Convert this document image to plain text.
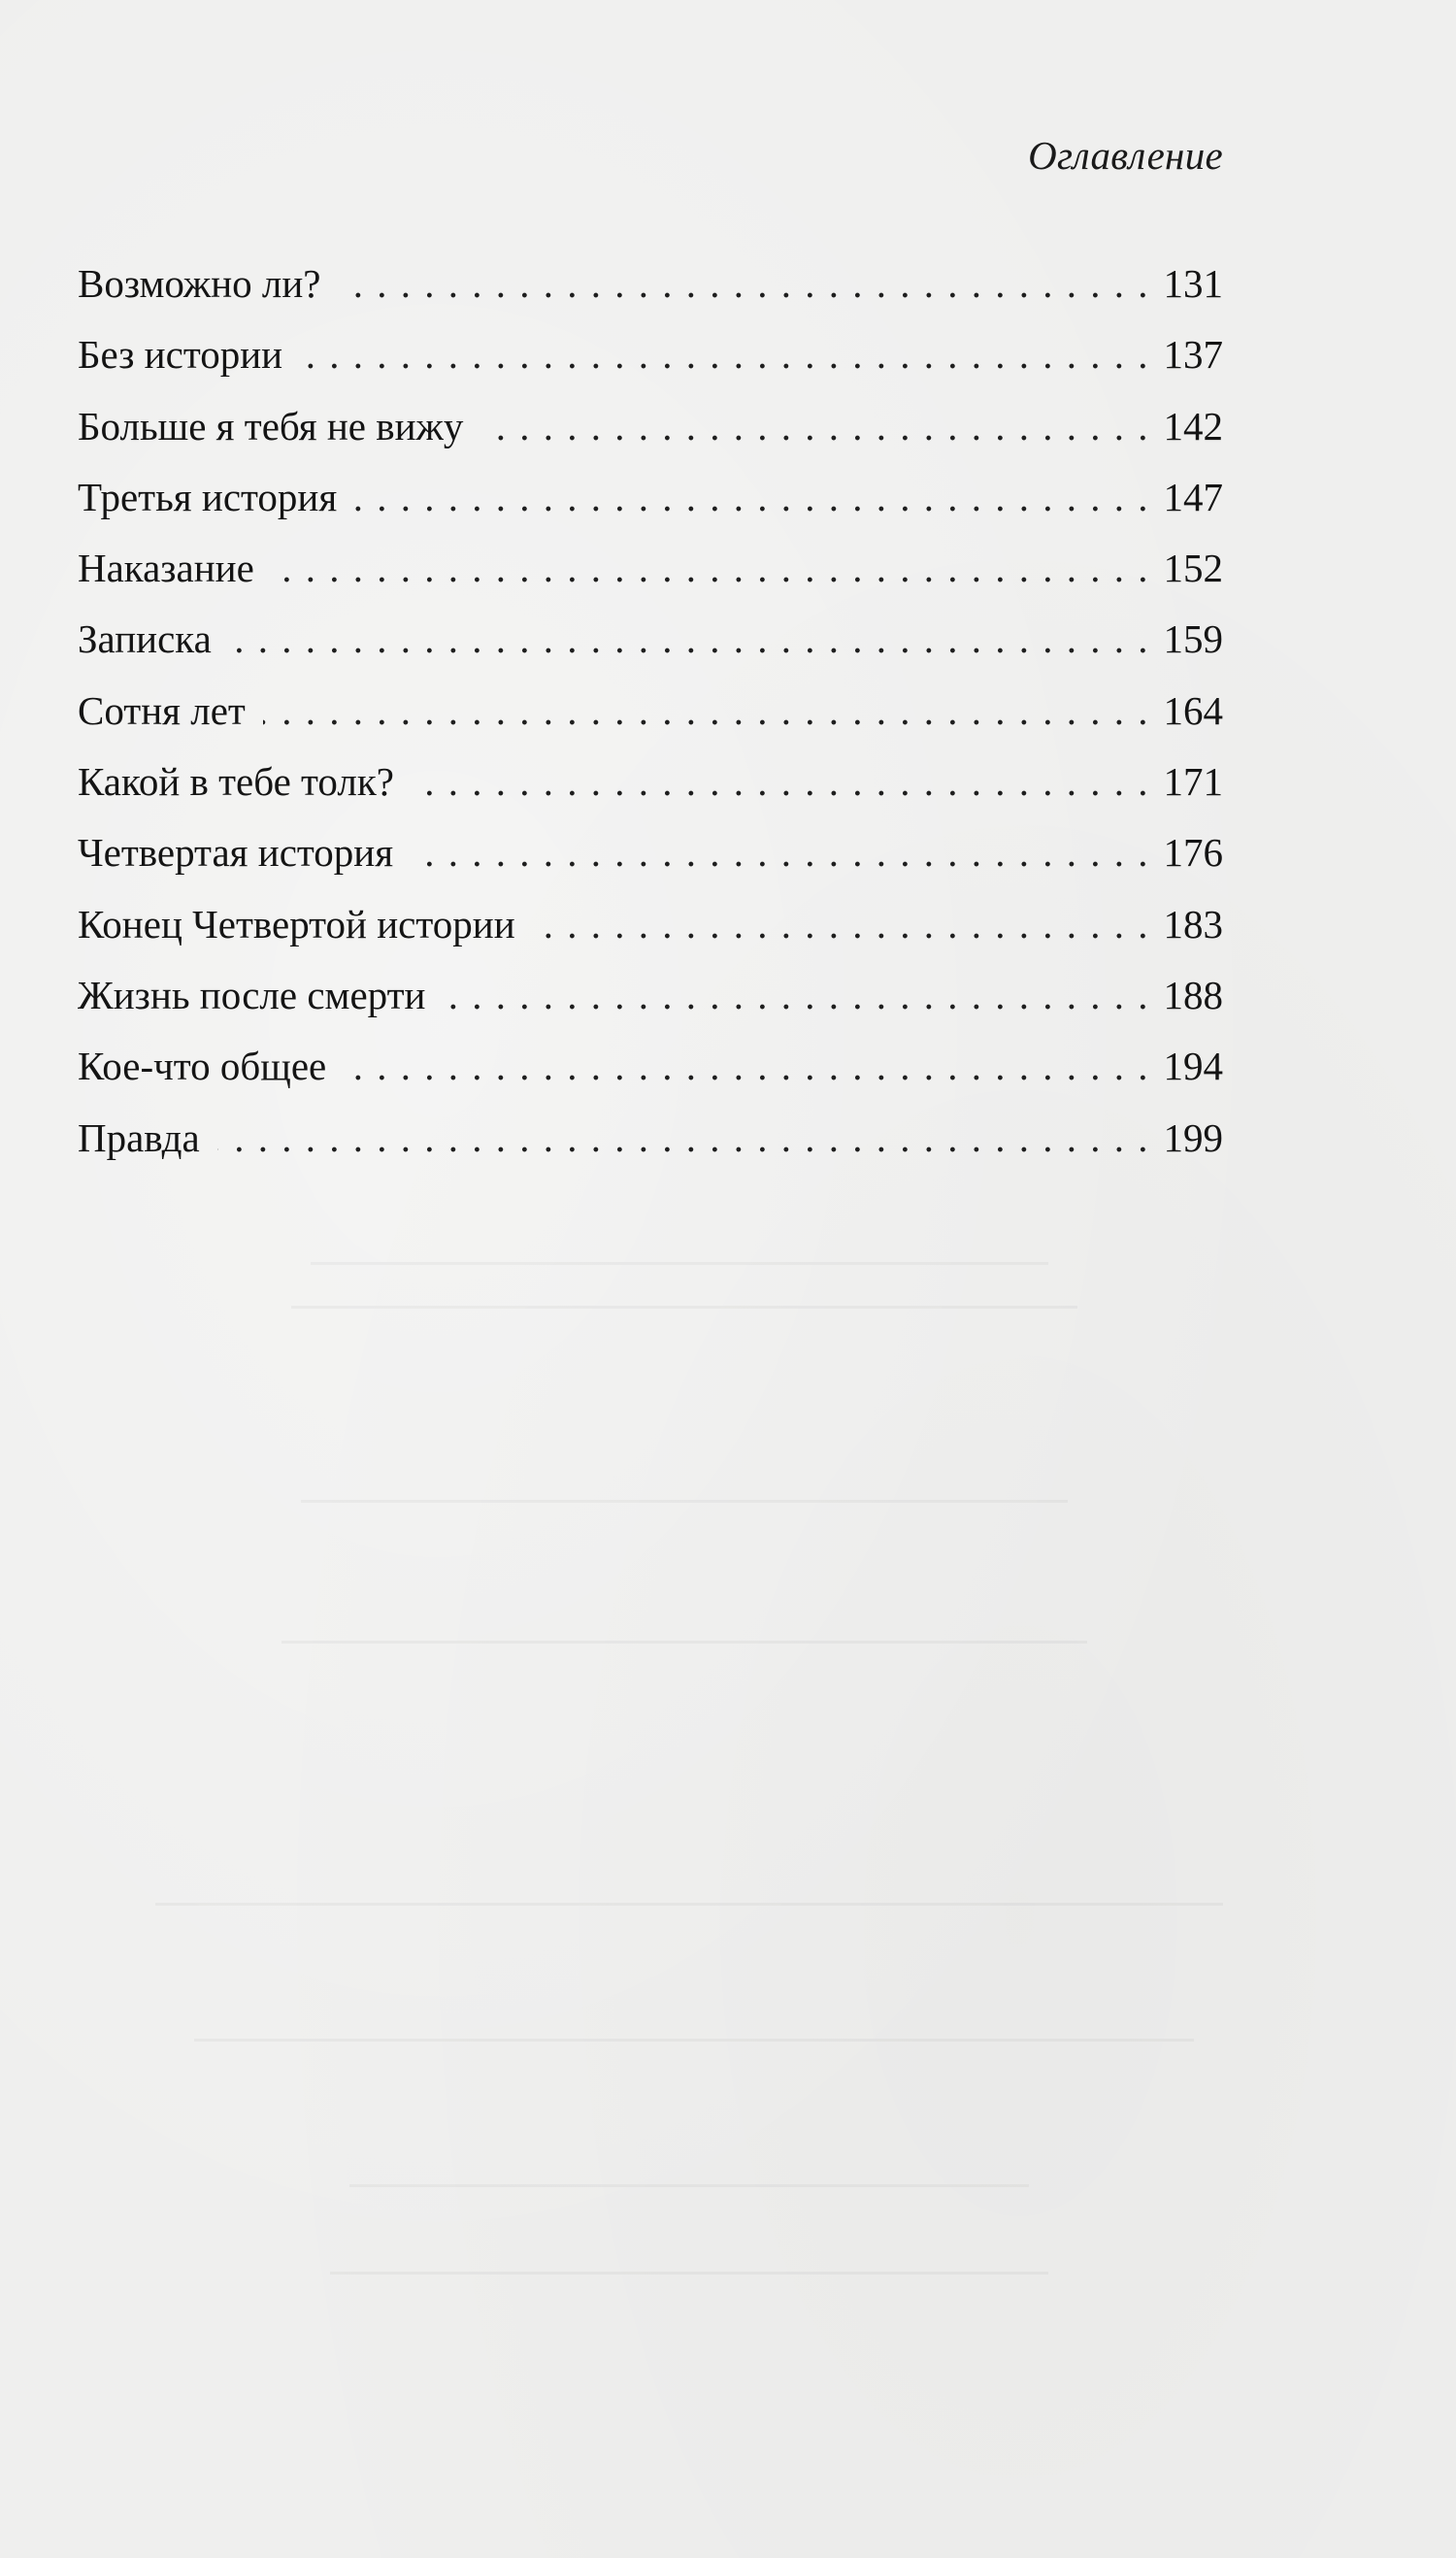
Оглавление
Возможно ли? . . .	131
Без истории . . .	137
Больше я тебя не вижу . . .	142
Третья история . . .	147
Наказание . . .	152
Записка . . .	159
Сотня лет . . .	164
Какой в тебе толк? . . .	171
Четвертая история . . .	176
Конец Четвертой истории . . .	183
Жизнь после смерти . . .	188
Кое-что общее . . .	194
Правда . . .	199
